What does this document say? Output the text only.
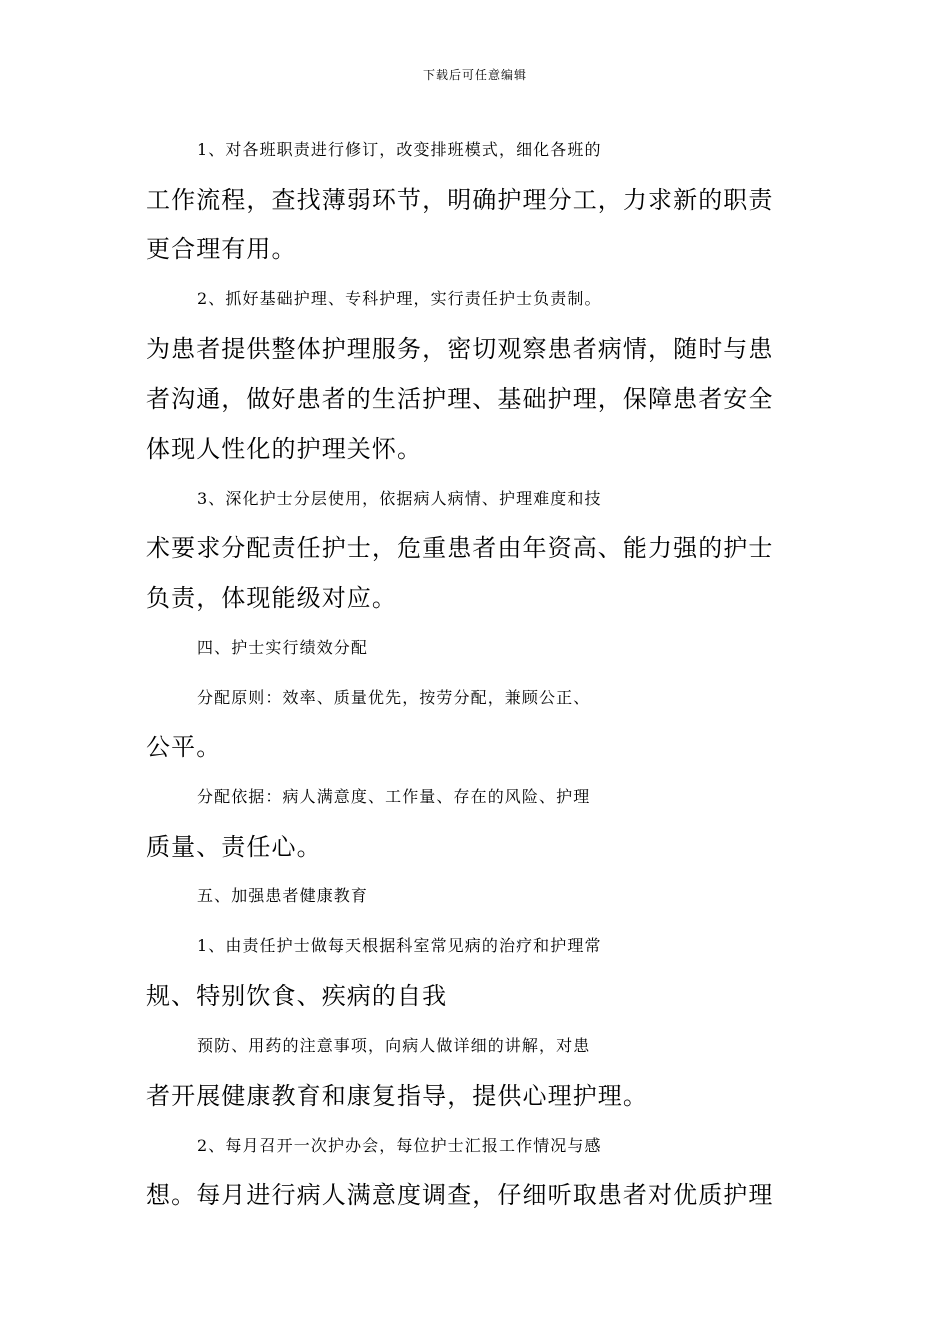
下载后可任意编辑
1、对各班职责进行修订，改变排班模式，细化各班的
工作流程，查找薄弱环节，明确护理分工，力求新的职责
更合理有用。
2、抓好基础护理、专科护理，实行责任护士负责制。
为患者提供整体护理服务，密切观察患者病情，随时与患
者沟通，做好患者的生活护理、基础护理，保障患者安全
体现人性化的护理关怀。
3、深化护士分层使用，依据病人病情、护理难度和技
术要求分配责任护士，危重患者由年资高、能力强的护士
负责，体现能级对应。
四、护士实行绩效分配
分配原则：效率、质量优先，按劳分配，兼顾公正、
公平。
分配依据：病人满意度、工作量、存在的风险、护理
质量、责任心。
五、加强患者健康教育
1、由责任护士做每天根据科室常见病的治疗和护理常
规、特别饮食、疾病的自我
预防、用药的注意事项，向病人做详细的讲解，对患
者开展健康教育和康复指导，提供心理护理。
2、每月召开一次护办会，每位护士汇报工作情况与感
想。每月进行病人满意度调查，仔细听取患者对优质护理
